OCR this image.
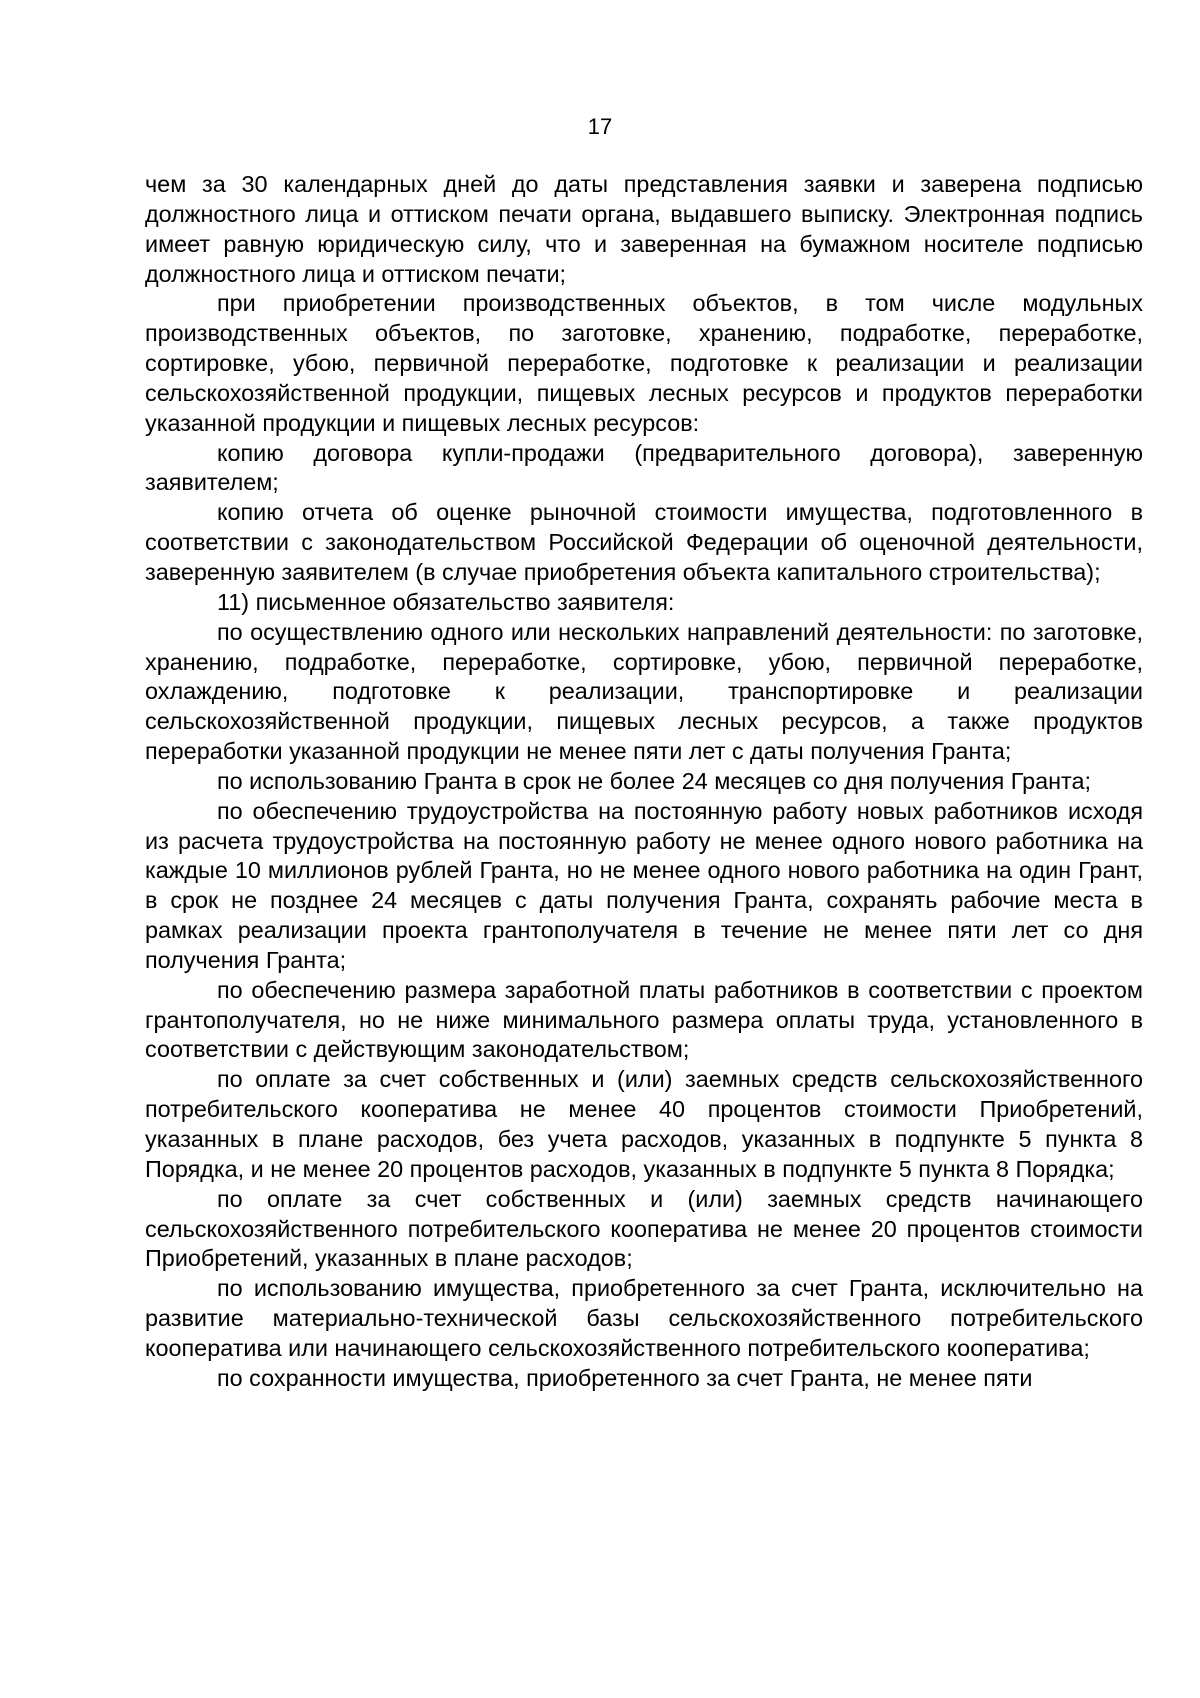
17

чем за 30 календарных дней до даты представления заявки и заверена подписью должностного лица и оттиском печати органа, выдавшего выписку. Электронная подпись имеет равную юридическую силу, что и заверенная на бумажном носителе подписью должностного лица и оттиском печати;

при приобретении производственных объектов, в том числе модульных производственных объектов, по заготовке, хранению, подработке, переработке, сортировке, убою, первичной переработке, подготовке к реализации и реализации сельскохозяйственной продукции, пищевых лесных ресурсов и продуктов переработки указанной продукции и пищевых лесных ресурсов:

копию договора купли-продажи (предварительного договора), заверенную заявителем;

копию отчета об оценке рыночной стоимости имущества, подготовленного в соответствии с законодательством Российской Федерации об оценочной деятельности, заверенную заявителем (в случае приобретения объекта капитального строительства);

11) письменное обязательство заявителя:

по осуществлению одного или нескольких направлений деятельности: по заготовке, хранению, подработке, переработке, сортировке, убою, первичной переработке, охлаждению, подготовке к реализации, транспортировке и реализации сельскохозяйственной продукции, пищевых лесных ресурсов, а также продуктов переработки указанной продукции не менее пяти лет с даты получения Гранта;

по использованию Гранта в срок не более 24 месяцев со дня получения Гранта;

по обеспечению трудоустройства на постоянную работу новых работников исходя из расчета трудоустройства на постоянную работу не менее одного нового работника на каждые 10 миллионов рублей Гранта, но не менее одного нового работника на один Грант, в срок не позднее 24 месяцев с даты получения Гранта, сохранять рабочие места в рамках реализации проекта грантополучателя в течение не менее пяти лет со дня получения Гранта;

по обеспечению размера заработной платы работников в соответствии с проектом грантополучателя, но не ниже минимального размера оплаты труда, установленного в соответствии с действующим законодательством;

по оплате за счет собственных и (или) заемных средств сельскохозяйственного потребительского кооператива не менее 40 процентов стоимости Приобретений, указанных в плане расходов, без учета расходов, указанных в подпункте 5 пункта 8 Порядка, и не менее 20 процентов расходов, указанных в подпункте 5 пункта 8 Порядка;

по оплате за счет собственных и (или) заемных средств начинающего сельскохозяйственного потребительского кооператива не менее 20 процентов стоимости Приобретений, указанных в плане расходов;

по использованию имущества, приобретенного за счет Гранта, исключительно на развитие материально-технической базы сельскохозяйственного потребительского кооператива или начинающего сельскохозяйственного потребительского кооператива;

по сохранности имущества, приобретенного за счет Гранта, не менее пяти
